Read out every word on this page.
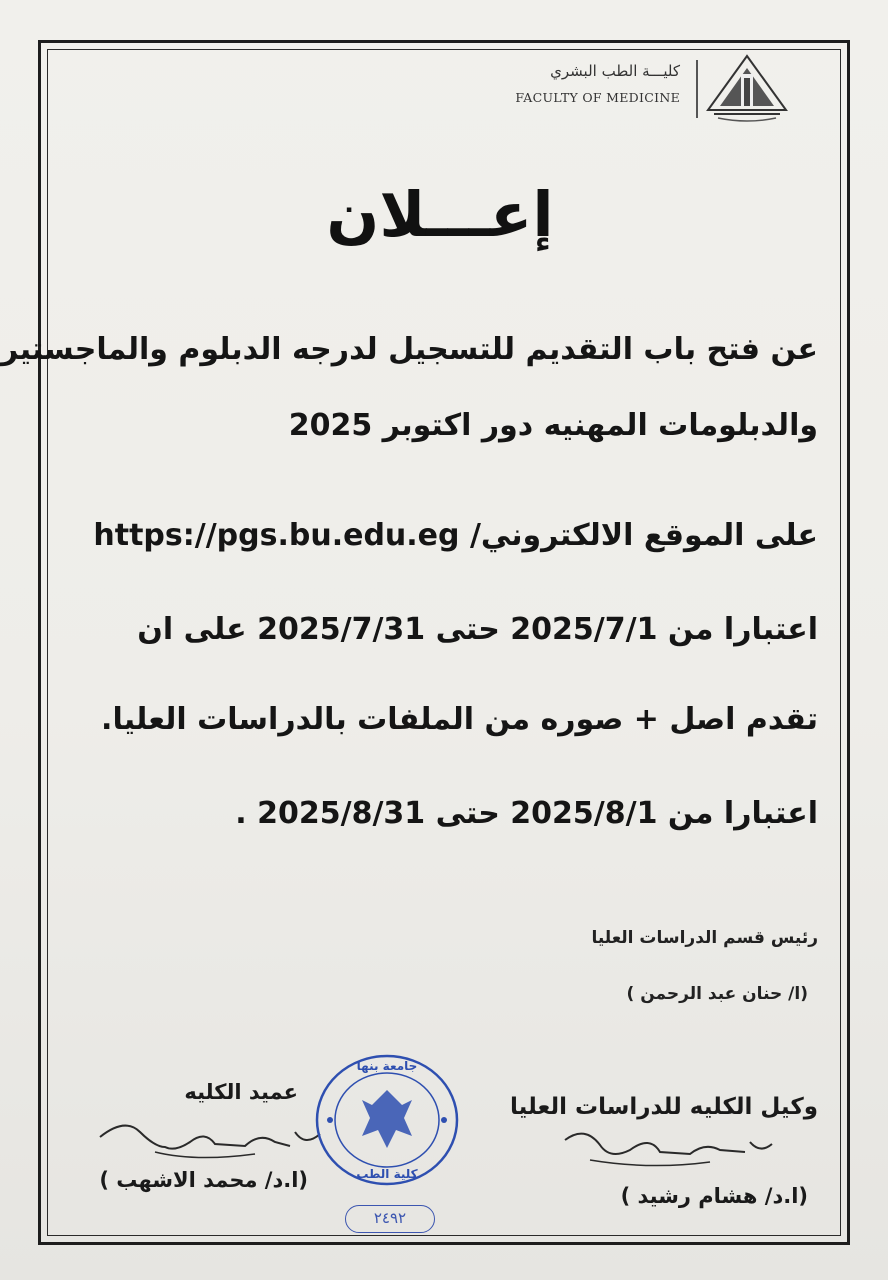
كليـــة الطب البشري
FACULTY OF MEDICINE
إعـــلان
عن فتح باب التقديم للتسجيل لدرجه الدبلوم والماجستير
والدبلومات المهنيه دور اكتوبر 2025
على الموقع الالكتروني/ https://pgs.bu.edu.eg
اعتبارا من 2025/7/1 حتى 2025/7/31 على ان
تقدم اصل + صوره من الملفات بالدراسات العليا.
اعتبارا من 2025/8/1 حتى 2025/8/31 .
رئيس قسم الدراسات العليا
(ا/ حنان عبد الرحمن )
عميد الكليه
(ا.د/ محمد الاشهب )
وكيل الكليه للدراسات العليا
(ا.د/ هشام رشيد )
جامعة بنها
كلية الطب
٢٤٩٢
